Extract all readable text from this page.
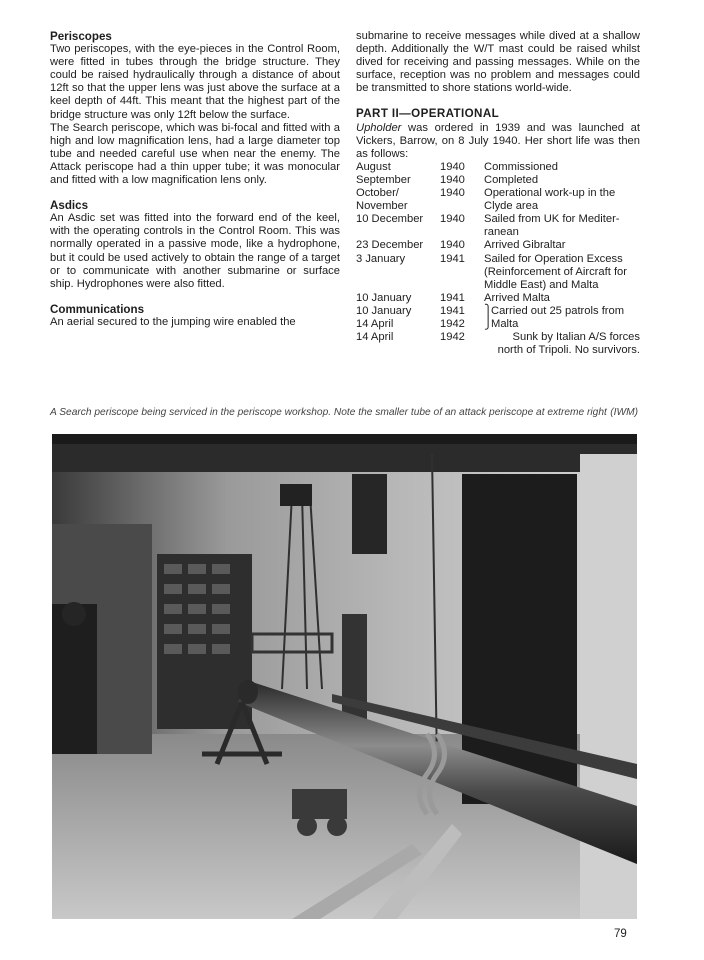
Periscopes

Two periscopes, with the eye-pieces in the Control Room, were fitted in tubes through the bridge structure. They could be raised hydraulically through a distance of about 12ft so that the upper lens was just above the surface at a keel depth of 44ft. This meant that the highest part of the bridge structure was only 12ft below the surface.

The Search periscope, which was bi-focal and fitted with a high and low magnification lens, had a large diameter top tube and needed careful use when near the enemy. The Attack periscope had a thin upper tube; it was monocular and fitted with a low magnification lens only.

Asdics

An Asdic set was fitted into the forward end of the keel, with the operating controls in the Control Room. This was normally operated in a passive mode, like a hydrophone, but it could be used actively to obtain the range of a target or to communicate with another submarine or surface ship. Hydrophones were also fitted.

Communications

An aerial secured to the jumping wire enabled the

submarine to receive messages while dived at a shallow depth. Additionally the W/T mast could be raised whilst dived for receiving and passing messages. While on the surface, reception was no problem and messages could be transmitted to shore stations world-wide.

PART II—OPERATIONAL

Upholder was ordered in 1939 and was launched at Vickers, Barrow, on 8 July 1940. Her short life was then as follows:

August	1940	Commissioned
September	1940	Completed
October/
November	1940	Operational work-up in the Clyde area
10 December	1940	Sailed from UK for Mediter-ranean
23 December	1940	Arrived Gibraltar
3 January	1941	Sailed for Operation Excess (Reinforcement of Aircraft for Middle East) and Malta
10 January	1941	Arrived Malta
10 January	1941	⎫Carried out 25 patrols from
14 April	1942	⎭Malta
14 April	1942	Sunk by Italian A/S forces north of Tripoli. No survivors.
A Search periscope being serviced in the periscope workshop. Note the smaller tube of an attack periscope at extreme right (IWM)
79
